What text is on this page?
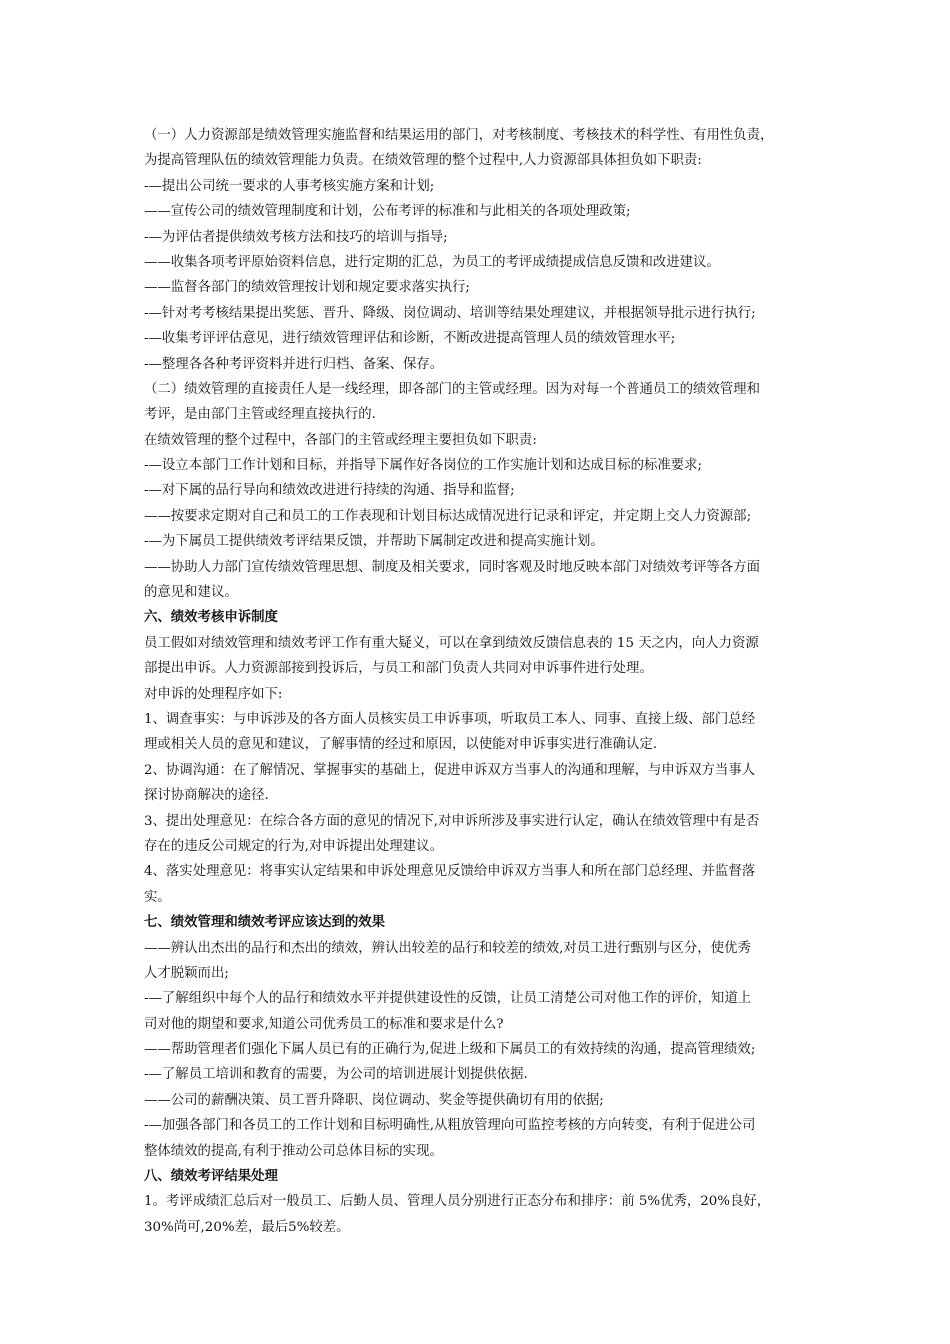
（一）人力资源部是绩效管理实施监督和结果运用的部门，对考核制度、考核技术的科学性、有用性负责，
为提高管理队伍的绩效管理能力负责。在绩效管理的整个过程中,人力资源部具体担负如下职责:
-—提出公司统一要求的人事考核实施方案和计划;
——宣传公司的绩效管理制度和计划，公布考评的标准和与此相关的各项处理政策;
-—为评估者提供绩效考核方法和技巧的培训与指导;
——收集各项考评原始资料信息，进行定期的汇总，为员工的考评成绩提成信息反馈和改进建议。
——监督各部门的绩效管理按计划和规定要求落实执行;
-—针对考考核结果提出奖惩、晋升、降级、岗位调动、培训等结果处理建议，并根据领导批示进行执行;
-—收集考评评估意见，进行绩效管理评估和诊断，不断改进提高管理人员的绩效管理水平;
-—整理各各种考评资料并进行归档、备案、保存。
（二）绩效管理的直接责任人是一线经理，即各部门的主管或经理。因为对每一个普通员工的绩效管理和
考评，是由部门主管或经理直接执行的.
在绩效管理的整个过程中，各部门的主管或经理主要担负如下职责:
-—设立本部门工作计划和目标，并指导下属作好各岗位的工作实施计划和达成目标的标准要求;
-—对下属的品行导向和绩效改进进行持续的沟通、指导和监督;
——按要求定期对自己和员工的工作表现和计划目标达成情况进行记录和评定，并定期上交人力资源部;
-—为下属员工提供绩效考评结果反馈，并帮助下属制定改进和提高实施计划。
——协助人力部门宣传绩效管理思想、制度及相关要求，同时客观及时地反映本部门对绩效考评等各方面
的意见和建议。
六、绩效考核申诉制度
员工假如对绩效管理和绩效考评工作有重大疑义，可以在拿到绩效反馈信息表的 15 天之内，向人力资源
部提出申诉。人力资源部接到投诉后，与员工和部门负责人共同对申诉事件进行处理。
对申诉的处理程序如下:
1、调查事实：与申诉涉及的各方面人员核实员工申诉事项，听取员工本人、同事、直接上级、部门总经
理或相关人员的意见和建议，了解事情的经过和原因，以使能对申诉事实进行准确认定.
2、协调沟通：在了解情况、掌握事实的基础上，促进申诉双方当事人的沟通和理解，与申诉双方当事人
探讨协商解决的途径.
3、提出处理意见：在综合各方面的意见的情况下,对申诉所涉及事实进行认定，确认在绩效管理中有是否
存在的违反公司规定的行为,对申诉提出处理建议。
4、落实处理意见：将事实认定结果和申诉处理意见反馈给申诉双方当事人和所在部门总经理、并监督落
实。
七、绩效管理和绩效考评应该达到的效果
——辨认出杰出的品行和杰出的绩效，辨认出较差的品行和较差的绩效,对员工进行甄别与区分，使优秀
人才脱颖而出;
-—了解组织中每个人的品行和绩效水平并提供建设性的反馈，让员工清楚公司对他工作的评价，知道上
司对他的期望和要求,知道公司优秀员工的标准和要求是什么?
——帮助管理者们强化下属人员已有的正确行为,促进上级和下属员工的有效持续的沟通，提高管理绩效;
-—了解员工培训和教育的需要，为公司的培训进展计划提供依据.
——公司的薪酬决策、员工晋升降职、岗位调动、奖金等提供确切有用的依据;
-—加强各部门和各员工的工作计划和目标明确性,从粗放管理向可监控考核的方向转变，有利于促进公司
整体绩效的提高,有利于推动公司总体目标的实现。
八、绩效考评结果处理
1。考评成绩汇总后对一般员工、后勤人员、管理人员分别进行正态分布和排序：前 5%优秀，20%良好，
30%尚可,20%差，最后5%较差。
